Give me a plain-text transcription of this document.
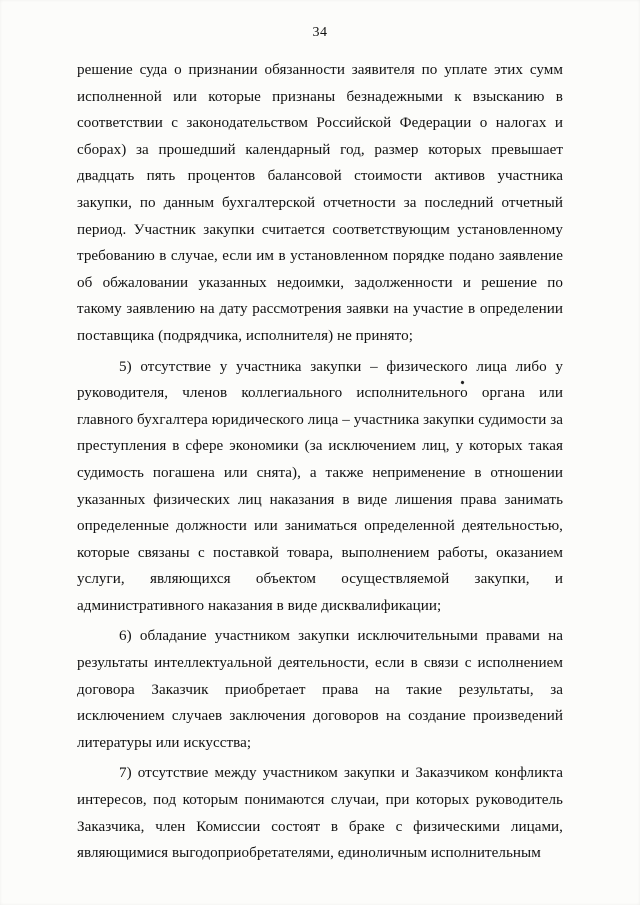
34

решение суда о признании обязанности заявителя по уплате этих сумм исполненной или которые признаны безнадежными к взысканию в соответствии с законодательством Российской Федерации о налогах и сборах) за прошедший календарный год, размер которых превышает двадцать пять процентов балансовой стоимости активов участника закупки, по данным бухгалтерской отчетности за последний отчетный период. Участник закупки считается соответствующим установленному требованию в случае, если им в установленном порядке подано заявление об обжаловании указанных недоимки, задолженности и решение по такому заявлению на дату рассмотрения заявки на участие в определении поставщика (подрядчика, исполнителя) не принято;

5) отсутствие у участника закупки – физического лица либо у руководителя, членов коллегиального исполнительного органа или главного бухгалтера юридического лица – участника закупки судимости за преступления в сфере экономики (за исключением лиц, у которых такая судимость погашена или снята), а также неприменение в отношении указанных физических лиц наказания в виде лишения права занимать определенные должности или заниматься определенной деятельностью, которые связаны с поставкой товара, выполнением работы, оказанием услуги, являющихся объектом осуществляемой закупки, и административного наказания в виде дисквалификации;

6) обладание участником закупки исключительными правами на результаты интеллектуальной деятельности, если в связи с исполнением договора Заказчик приобретает права на такие результаты, за исключением случаев заключения договоров на создание произведений литературы или искусства;

7) отсутствие между участником закупки и Заказчиком конфликта интересов, под которым понимаются случаи, при которых руководитель Заказчика, член Комиссии состоят в браке с физическими лицами, являющимися выгодоприобретателями, единоличным исполнительным
